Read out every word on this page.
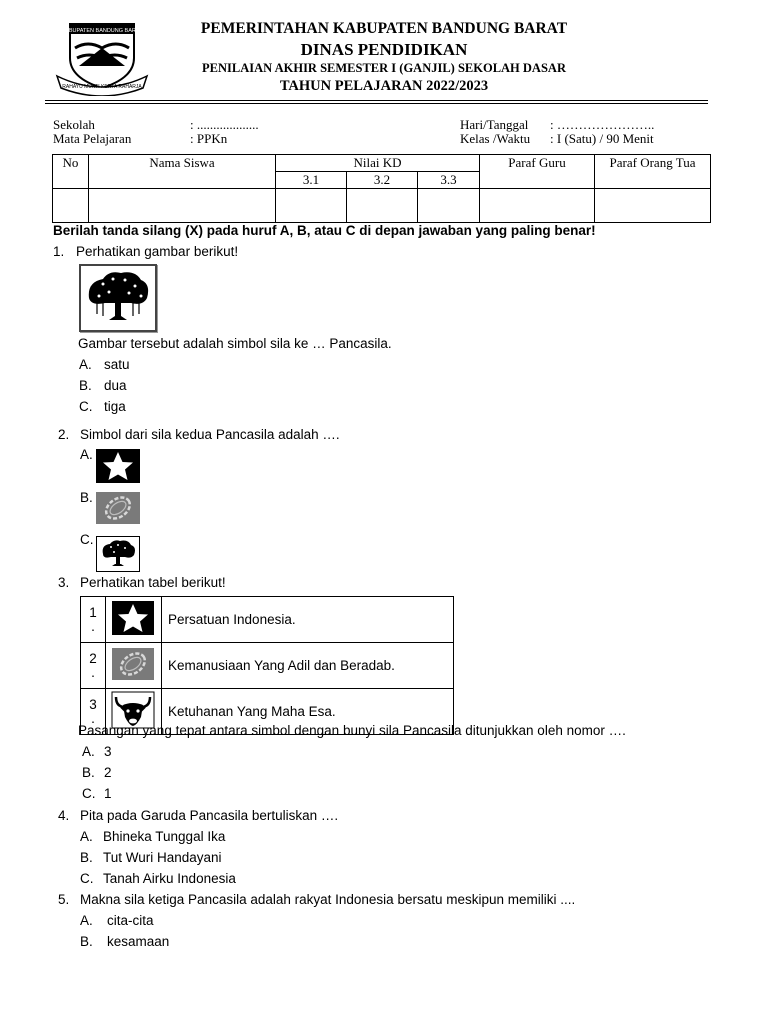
KABUPATEN BANDUNG BARAT
RAHAYU MUKTI KERTA RAHARJA
PEMERINTAHAN KABUPATEN BANDUNG BARAT
DINAS PENDIDIKAN
PENILAIAN AKHIR SEMESTER I (GANJIL) SEKOLAH DASAR
TAHUN PELAJARAN 2022/2023
Sekolah	: ...................
Mata Pelajaran	: PPKn
Hari/Tanggal : …………………..
Kelas /Waktu : I (Satu) / 90 Menit
No	Nama Siswa	Nilai KD			Paraf Guru	Paraf Orang Tua
		3.1	3.2	3.3		

Berilah tanda silang (X) pada huruf A, B, atau C di depan jawaban yang paling benar!
1. Perhatikan gambar berikut!
Gambar tersebut adalah simbol sila ke … Pancasila.
A. satu
B. dua
C. tiga
2. Simbol dari sila kedua Pancasila adalah ….
A.
B.
C.
3. Perhatikan tabel berikut!
1
.		Persatuan Indonesia.

2
.		Kemanusiaan Yang Adil dan Beradab.

3
.		Ketuhanan Yang Maha Esa.
Pasangan yang tepat antara simbol dengan bunyi sila Pancasila ditunjukkan oleh nomor ….
A. 3
B. 2
C. 1
4. Pita pada Garuda Pancasila bertuliskan ….
A. Bhineka Tunggal Ika
B. Tut Wuri Handayani
C. Tanah Airku Indonesia
5. Makna sila ketiga Pancasila adalah rakyat Indonesia bersatu meskipun memiliki ....
A. cita-cita
B. kesamaan
